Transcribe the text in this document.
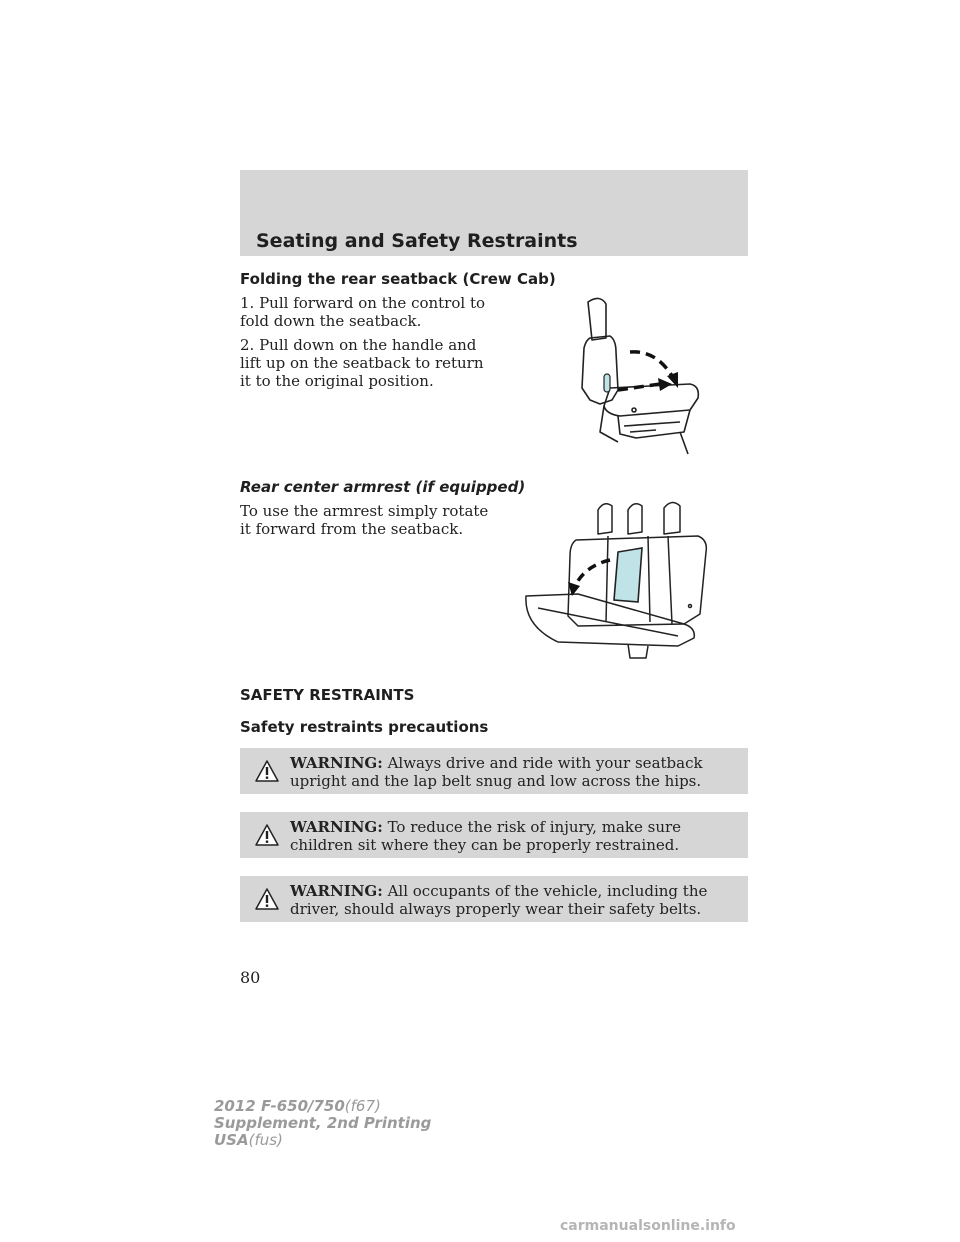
Seating and Safety Restraints
Folding the rear seatback (Crew Cab)
1. Pull forward on the control to fold down the seatback.
2. Pull down on the handle and lift up on the seatback to return it to the original position.
Rear center armrest (if equipped)
To use the armrest simply rotate it forward from the seatback.
SAFETY RESTRAINTS
Safety restraints precautions
WARNING: Always drive and ride with your seatback upright and the lap belt snug and low across the hips.
WARNING: To reduce the risk of injury, make sure children sit where they can be properly restrained.
WARNING: All occupants of the vehicle, including the driver, should always properly wear their safety belts.
80
2012 F-650/750(f67)
Supplement, 2nd Printing
USA(fus)
carmanualsonline.info
